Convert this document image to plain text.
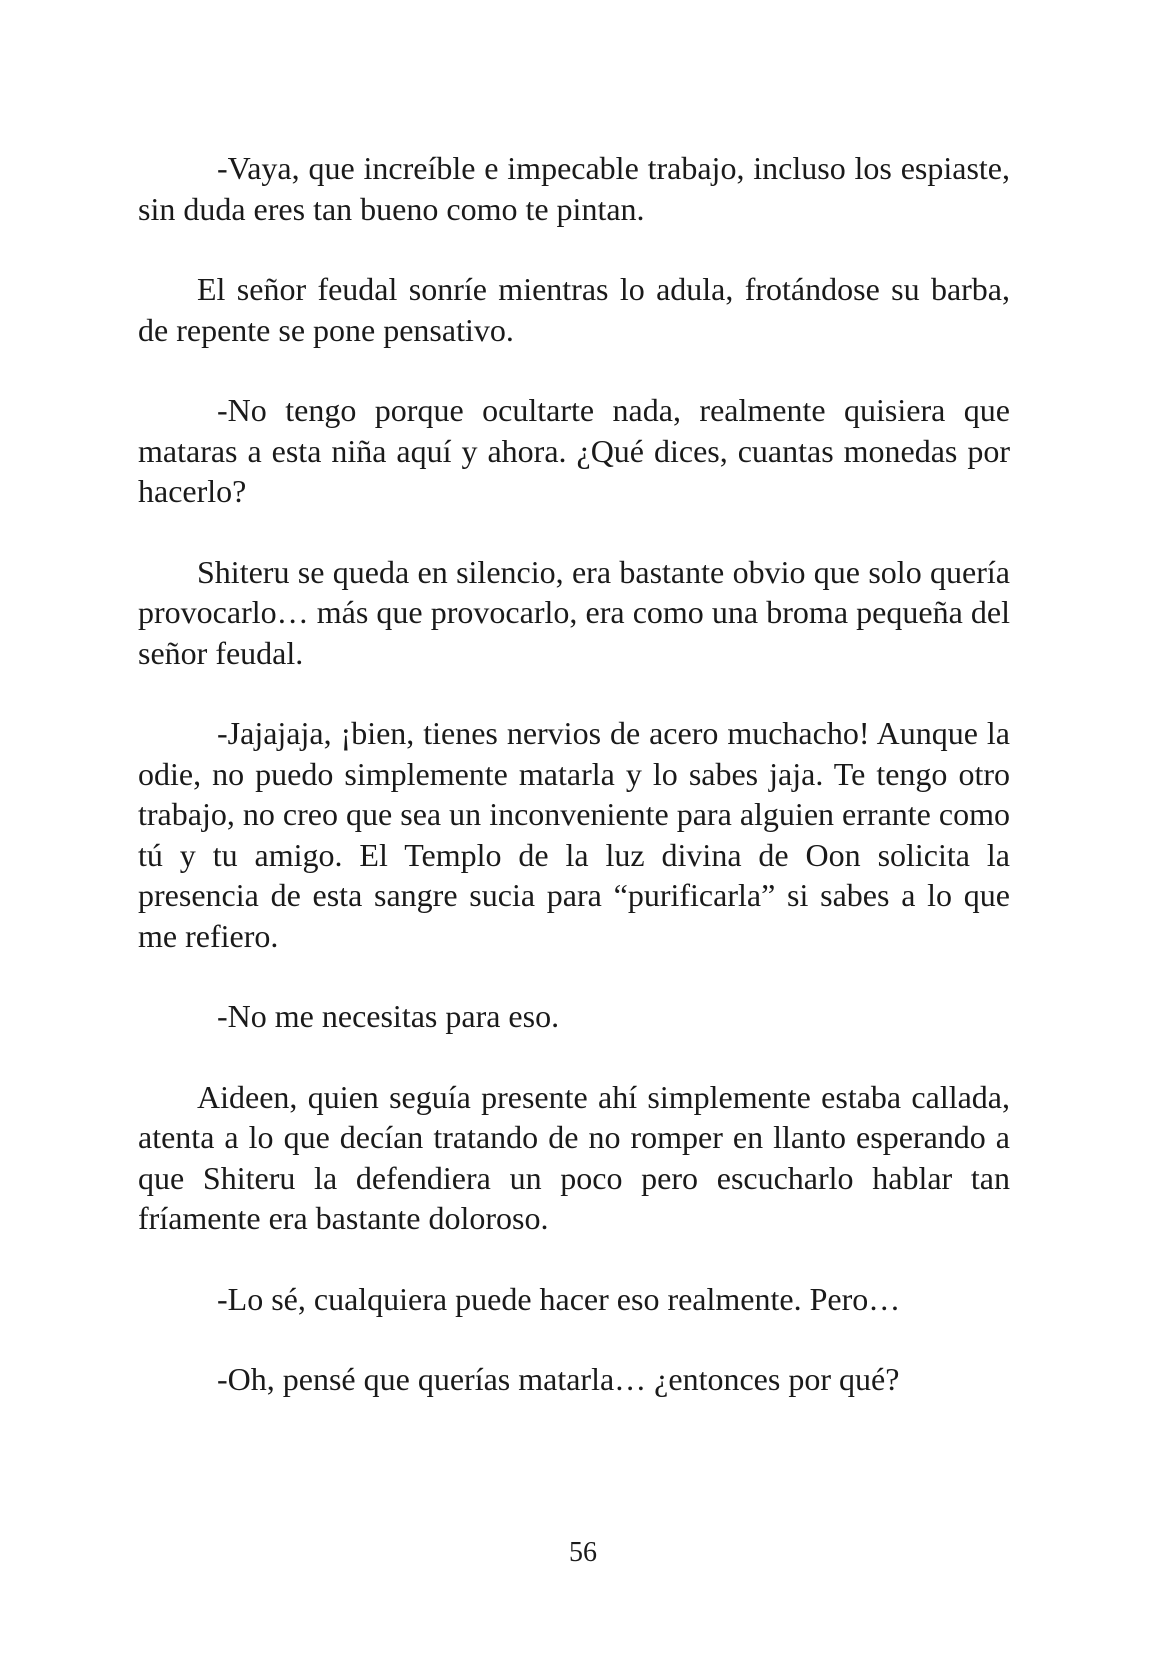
-Vaya, que increíble e impecable trabajo, incluso los espiaste, sin duda eres tan bueno como te pintan.

El señor feudal sonríe mientras lo adula, frotándose su barba, de repente se pone pensativo.

-No tengo porque ocultarte nada, realmente quisiera que mataras a esta niña aquí y ahora. ¿Qué dices, cuantas monedas por hacerlo?

Shiteru se queda en silencio, era bastante obvio que solo quería provocarlo… más que provocarlo, era como una broma pequeña del señor feudal.

-Jajajaja, ¡bien, tienes nervios de acero muchacho! Aunque la odie, no puedo simplemente matarla y lo sabes jaja. Te tengo otro trabajo, no creo que sea un inconveniente para alguien errante como tú y tu amigo. El Templo de la luz divina de Oon solicita la presencia de esta sangre sucia para “purificarla” si sabes a lo que me refiero.

-No me necesitas para eso.

Aideen, quien seguía presente ahí simplemente estaba callada, atenta a lo que decían tratando de no romper en llanto esperando a que Shiteru la defendiera un poco pero escucharlo hablar tan fríamente era bastante doloroso.

-Lo sé, cualquiera puede hacer eso realmente. Pero…

-Oh, pensé que querías matarla… ¿entonces por qué?

56
